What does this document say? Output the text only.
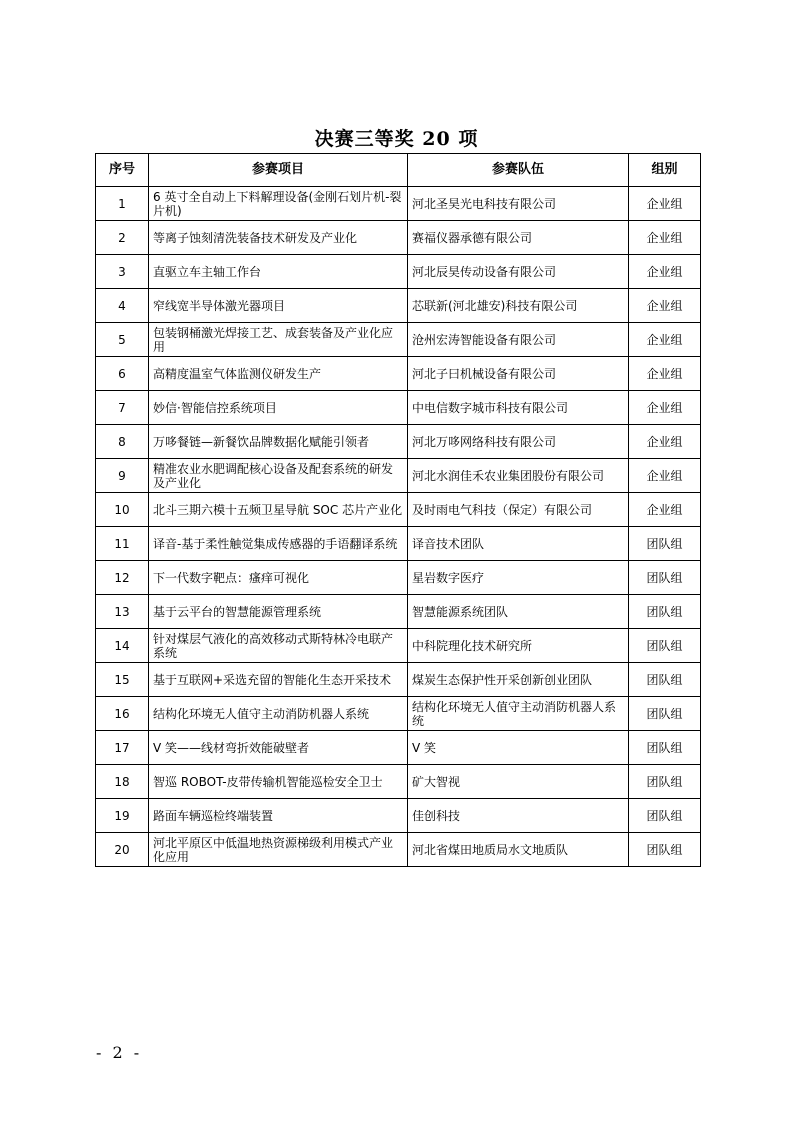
决赛三等奖 20 项
序号	参赛项目	参赛队伍	组别
1	6 英寸全自动上下料解理设备(金刚石划片机-裂片机)	河北圣昊光电科技有限公司	企业组
2	等离子蚀刻清洗装备技术研发及产业化	赛福仪器承德有限公司	企业组
3	直驱立车主轴工作台	河北辰昊传动设备有限公司	企业组
4	窄线宽半导体激光器项目	芯联新(河北雄安)科技有限公司	企业组
5	包装钢桶激光焊接工艺、成套装备及产业化应用	沧州宏涛智能设备有限公司	企业组
6	高精度温室气体监测仪研发生产	河北子曰机械设备有限公司	企业组
7	妙信·智能信控系统项目	中电信数字城市科技有限公司	企业组
8	万哆餐链—新餐饮品牌数据化赋能引领者	河北万哆网络科技有限公司	企业组
9	精准农业水肥调配核心设备及配套系统的研发及产业化	河北水润佳禾农业集团股份有限公司	企业组
10	北斗三期六模十五频卫星导航 SOC 芯片产业化	及时雨电气科技（保定）有限公司	企业组
11	译音-基于柔性触觉集成传感器的手语翻译系统	译音技术团队	团队组
12	下一代数字靶点：瘙痒可视化	星岩数字医疗	团队组
13	基于云平台的智慧能源管理系统	智慧能源系统团队	团队组
14	针对煤层气液化的高效移动式斯特林冷电联产系统	中科院理化技术研究所	团队组
15	基于互联网+采选充留的智能化生态开采技术	煤炭生态保护性开采创新创业团队	团队组
16	结构化环境无人值守主动消防机器人系统	结构化环境无人值守主动消防机器人系统	团队组
17	V 笑——线材弯折效能破壁者	V 笑	团队组
18	智巡 ROBOT-皮带传输机智能巡检安全卫士	矿大智视	团队组
19	路面车辆巡检终端装置	佳创科技	团队组
20	河北平原区中低温地热资源梯级利用模式产业化应用	河北省煤田地质局水文地质队	团队组
- 2 -
